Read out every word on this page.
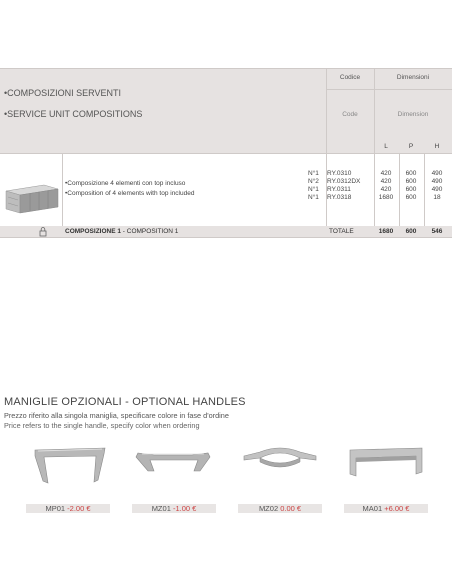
•COMPOSIZIONI SERVENTI
•SERVICE UNIT COMPOSITIONS
Codice	Dimensioni
Code	Dimension
L	P	H
•Composizione 4 elementi con top incluso
•Composition of 4 elements with top included
N°1 RY.0310	420	600	490
N°2 RY.0312DX	420	600	490
N°1 RY.0311	420	600	490
N°1 RY.0318	1680	600	18
COMPOSIZIONE 1 - COMPOSITION 1	TOTALE	1680	600	546
MANIGLIE OPZIONALI - OPTIONAL HANDLES
Prezzo riferito alla singola maniglia, specificare colore in fase d'ordine
Price refers to the single handle, specify color when ordering
MP01 -2.00 €	MZ01 -1.00 €	MZ02 0.00 €	MA01 +6.00 €
